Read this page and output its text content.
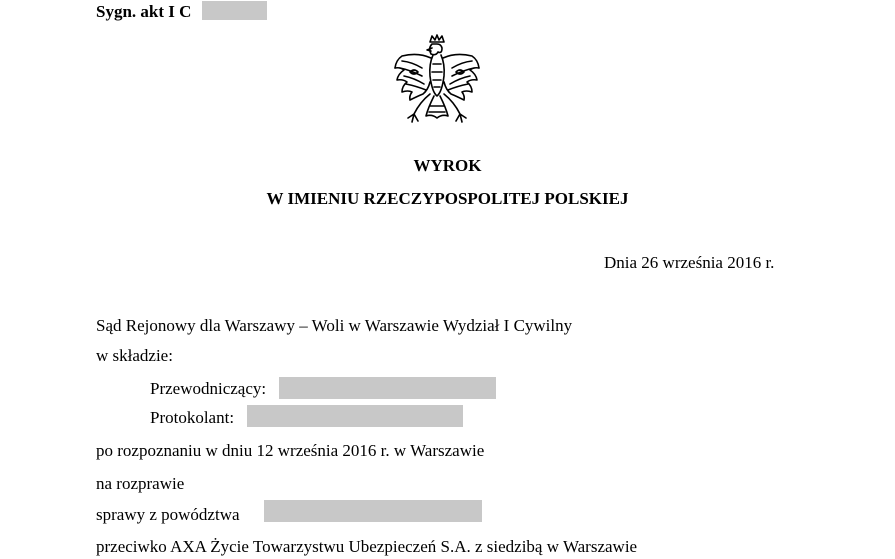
Sygn. akt I C
WYROK
W IMIENIU RZECZYPOSPOLITEJ POLSKIEJ
Dnia 26 września 2016 r.
Sąd Rejonowy dla Warszawy – Woli w Warszawie Wydział I Cywilny
w składzie:
Przewodniczący:
Protokolant:
po rozpoznaniu w dniu 12 września 2016 r. w Warszawie
na rozprawie
sprawy z powództwa
przeciwko AXA Życie Towarzystwu Ubezpieczeń S.A. z siedzibą w Warszawie
